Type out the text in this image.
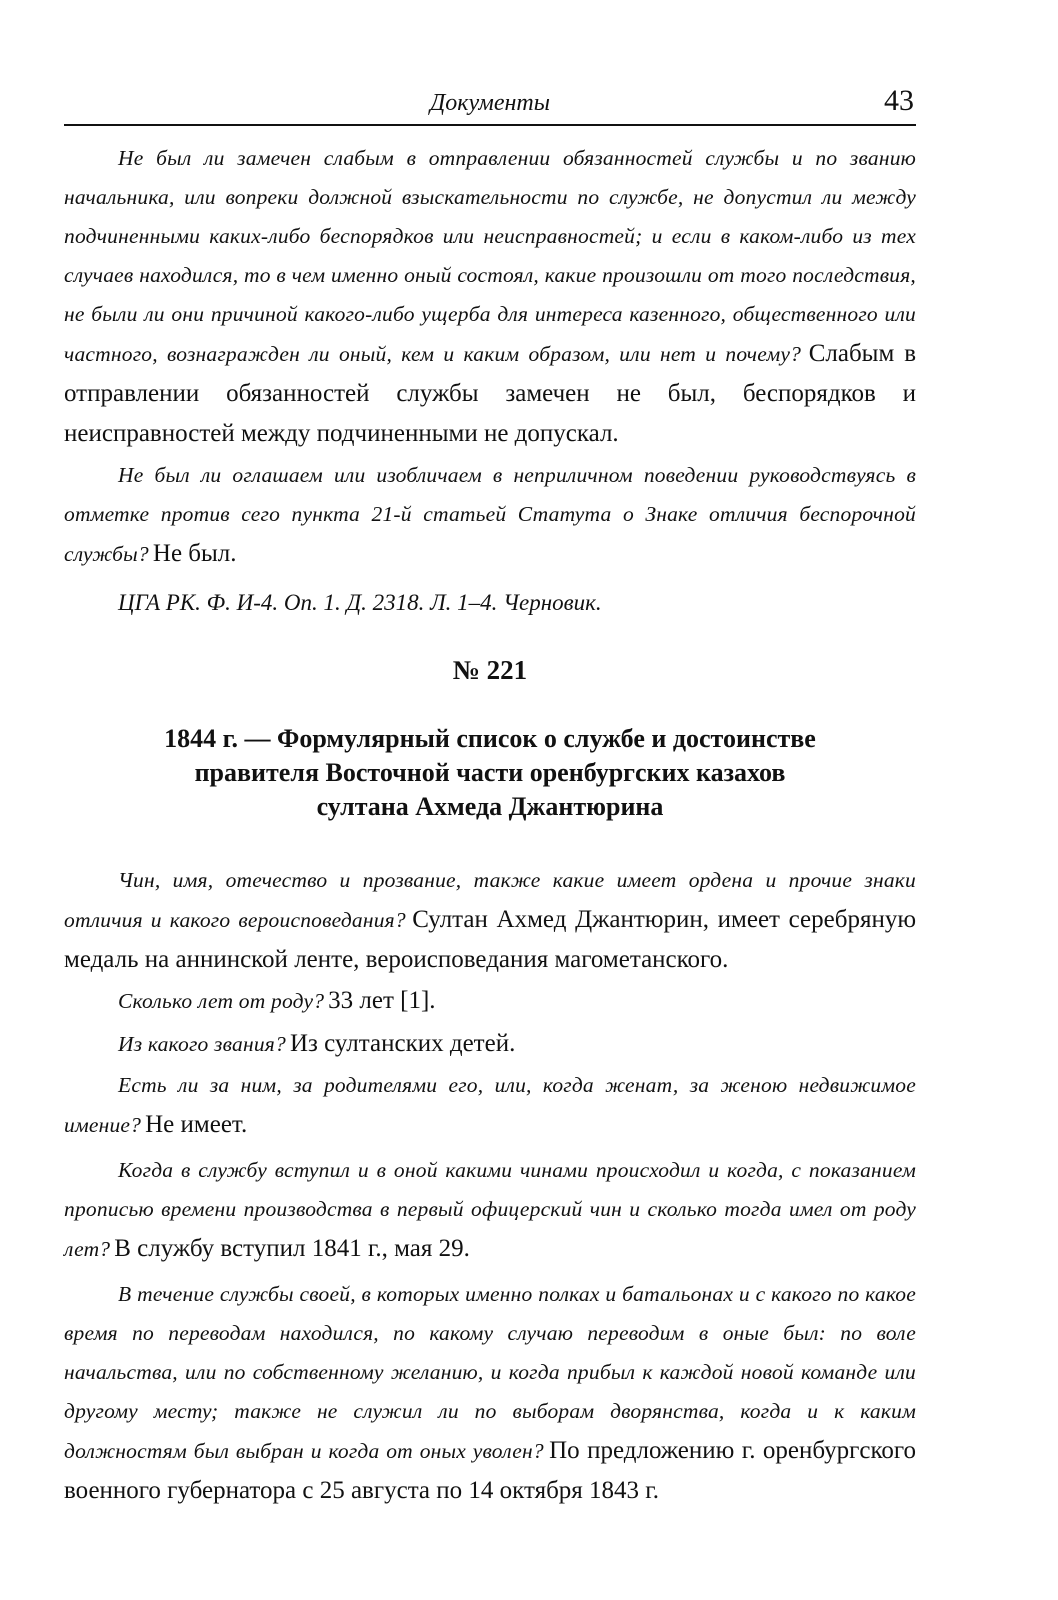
Документы	43

Не был ли замечен слабым в отправлении обязанностей службы и по званию начальника, или вопреки должной взыскательности по службе, не допустил ли между подчиненными каких-либо беспорядков или неисправностей; и если в каком-либо из тех случаев находился, то в чем именно оный состоял, какие произошли от того последствия, не были ли они причиной какого-либо ущерба для интереса казенного, общественного или частного, вознагражден ли оный, кем и каким образом, или нет и почему? Слабым в отправлении обязанностей службы замечен не был, беспорядков и неисправностей между подчиненными не допускал.

Не был ли оглашаем или изобличаем в неприличном поведении руководствуясь в отметке против сего пункта 21-й статьей Статута о Знаке отличия беспорочной службы? Не был.

ЦГА РК. Ф. И-4. Оп. 1. Д. 2318. Л. 1–4. Черновик.

№ 221
1844 г. — Формулярный список о службе и достоинстве
правителя Восточной части оренбургских казахов
султана Ахмеда Джантюрина

Чин, имя, отечество и прозвание, также какие имеет ордена и прочие знаки отличия и какого вероисповедания? Султан Ахмед Джантюрин, имеет серебряную медаль на аннинской ленте, вероисповедания магометанского.

Сколько лет от роду? 33 лет [1].

Из какого звания? Из султанских детей.

Есть ли за ним, за родителями его, или, когда женат, за женою недвижимое имение? Не имеет.

Когда в службу вступил и в оной какими чинами происходил и когда, с показанием прописью времени производства в первый офицерский чин и сколько тогда имел от роду лет? В службу вступил 1841 г., мая 29.

В течение службы своей, в которых именно полках и батальонах и с какого по какое время по переводам находился, по какому случаю переводим в оные был: по воле начальства, или по собственному желанию, и когда прибыл к каждой новой команде или другому месту; также не служил ли по выборам дворянства, когда и к каким должностям был выбран и когда от оных уволен? По предложению г. оренбургского военного губернатора с 25 августа по 14 октября 1843 г.
